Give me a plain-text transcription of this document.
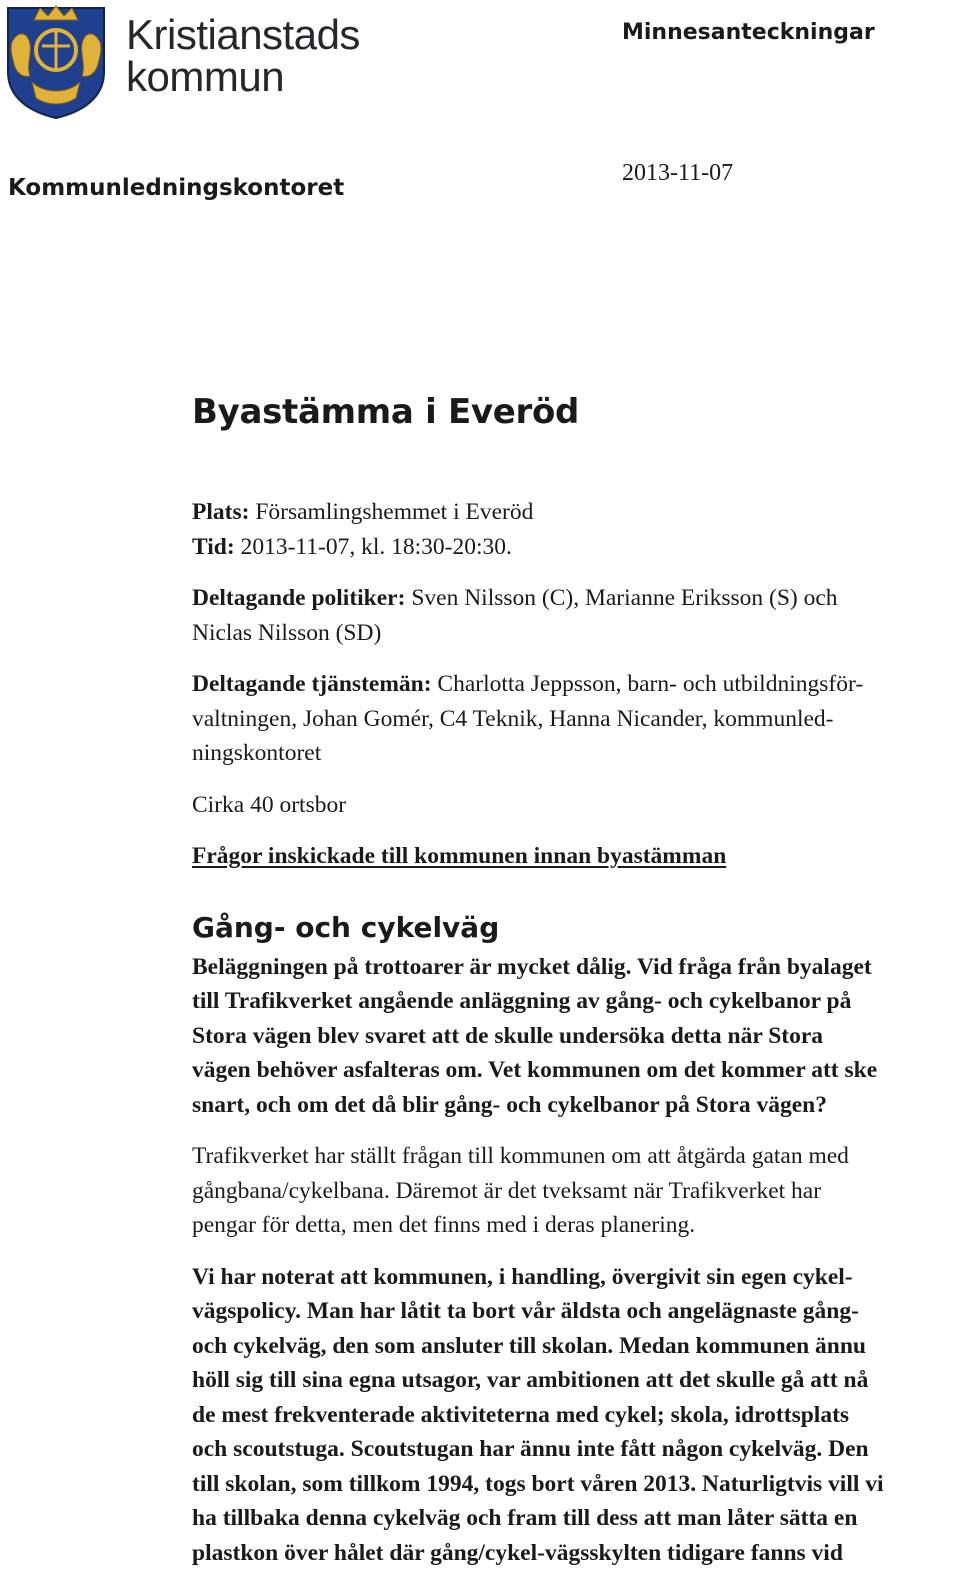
Kristianstads
kommun
Minnesanteckningar
Kommunledningskontoret
2013-11-07

Byastämma i Everöd

Plats: Församlingshemmet i Everöd

Tid: 2013-11-07, kl. 18:30-20:30.

Deltagande politiker: Sven Nilsson (C), Marianne Eriksson (S) och
Niclas Nilsson (SD)

Deltagande tjänstemän: Charlotta Jeppsson, barn- och utbildningsför-
valtningen, Johan Gomér, C4 Teknik, Hanna Nicander, kommunled-
ningskontoret

Cirka 40 ortsbor

Frågor inskickade till kommunen innan byastämman

Gång- och cykelväg

Beläggningen på trottoarer är mycket dålig. Vid fråga från byalaget
till Trafikverket angående anläggning av gång- och cykelbanor på
Stora vägen blev svaret att de skulle undersöka detta när Stora
vägen behöver asfalteras om. Vet kommunen om det kommer att ske
snart, och om det då blir gång- och cykelbanor på Stora vägen?

Trafikverket har ställt frågan till kommunen om att åtgärda gatan med
gångbana/cykelbana. Däremot är det tveksamt när Trafikverket har
pengar för detta, men det finns med i deras planering.

Vi har noterat att kommunen, i handling, övergivit sin egen cykel-
vägspolicy. Man har låtit ta bort vår äldsta och angelägnaste gång-
och cykelväg, den som ansluter till skolan. Medan kommunen ännu
höll sig till sina egna utsagor, var ambitionen att det skulle gå att nå
de mest frekventerade aktiviteterna med cykel; skola, idrottsplats
och scoutstuga. Scoutstugan har ännu inte fått någon cykelväg. Den
till skolan, som tillkom 1994, togs bort våren 2013. Naturligtvis vill vi
ha tillbaka denna cykelväg och fram till dess att man låter sätta en
plastkon över hålet där gång/cykel-vägsskylten tidigare fanns vid
